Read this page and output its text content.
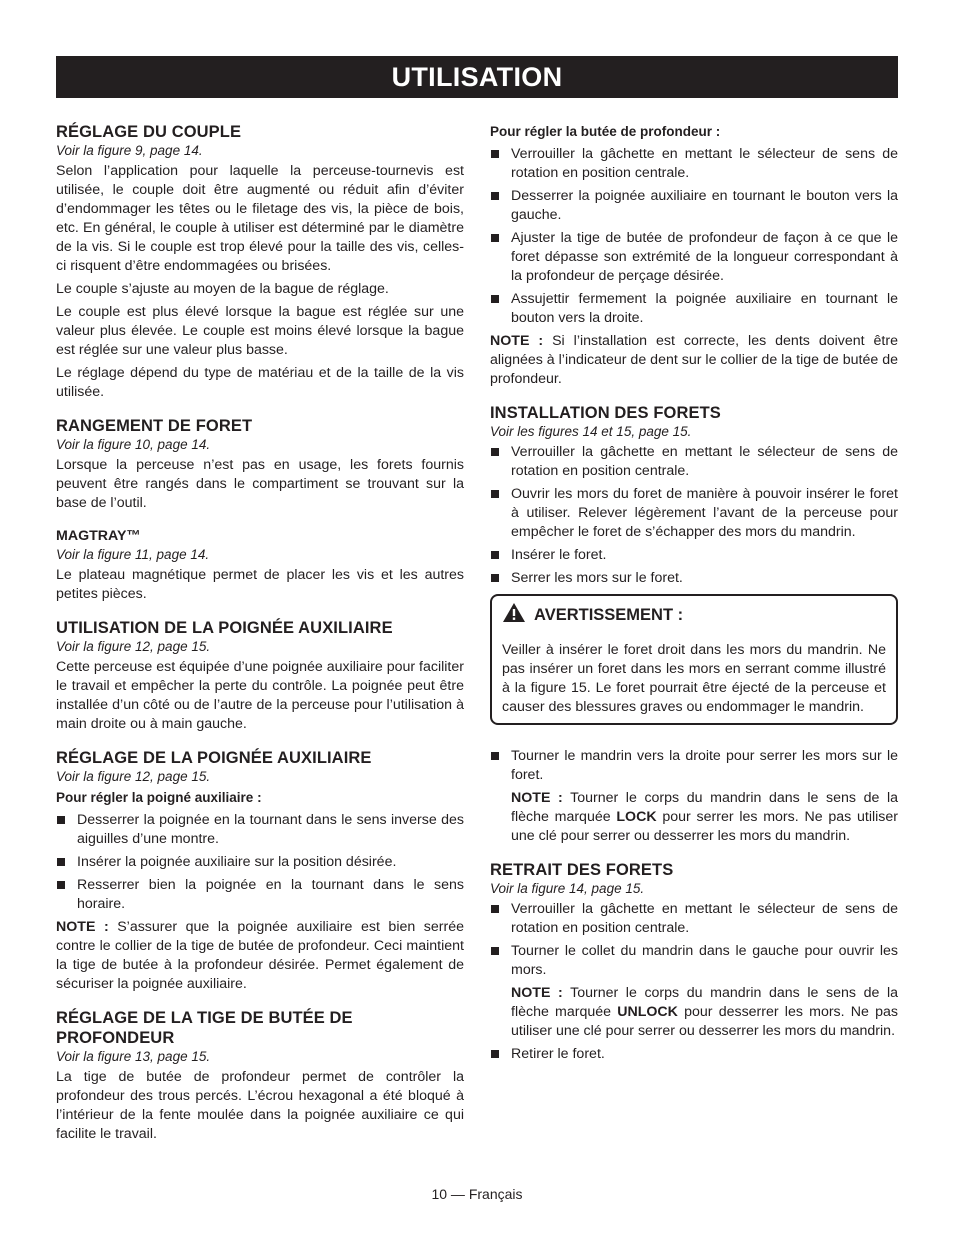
UTILISATION
RÉGLAGE DU COUPLE
Voir la figure 9, page 14.

Selon l’application pour laquelle la perceuse-tournevis est utilisée, le couple doit être augmenté ou réduit afin d’éviter d’endommager les têtes ou le filetage des vis, la pièce de bois, etc. En général, le couple à utiliser est déterminé par le diamètre de la vis. Si le couple est trop élevé pour la taille des vis, celles-ci risquent d’être endommagées ou brisées.

Le couple s’ajuste au moyen de la bague de réglage.

Le couple est plus élevé lorsque la bague est réglée sur une valeur plus élevée. Le couple est moins élevé lorsque la bague est réglée sur une valeur plus basse.

Le réglage dépend du type de matériau et de la taille de la vis utilisée.

RANGEMENT DE FORET
Voir la figure 10, page 14.

Lorsque la perceuse n’est pas en usage, les forets fournis peuvent être rangés dans le compartiment se trouvant sur la base de l’outil.

MAGTRAY™
Voir la figure 11, page 14.

Le plateau magnétique permet de placer les vis et les autres petites pièces.

UTILISATION DE LA POIGNÉE AUXILIAIRE
Voir la figure 12, page 15.

Cette perceuse est équipée d’une poignée auxiliaire pour faciliter le travail et empêcher la perte du contrôle. La poignée peut être installée d’un côté ou de l’autre de la perceuse pour l’utilisation à main droite ou à main gauche.

RÉGLAGE DE LA POIGNÉE AUXILIAIRE
Voir la figure 12, page 15.
Pour régler la poigné auxiliaire :
Desserrer la poignée en la tournant dans le sens inverse des aiguilles d’une montre.
Insérer la poignée auxiliaire sur la position désirée.
Resserrer bien la poignée en la tournant dans le sens horaire.
NOTE : S’assurer que la poignée auxiliaire est bien serrée contre le collier de la tige de butée de profondeur. Ceci maintient la tige de butée à la profondeur désirée. Permet également de sécuriser la poignée auxiliaire.
RÉGLAGE DE LA TIGE DE BUTÉE DE
PROFONDEUR
Voir la figure 13, page 15.

La tige de butée de profondeur permet de contrôler la profondeur des trous percés. L’écrou hexagonal a été bloqué à l’intérieur de la fente moulée dans la poignée auxiliaire ce qui facilite le travail.

Pour régler la butée de profondeur :
Verrouiller la gâchette en mettant le sélecteur de sens de rotation en position centrale.
Desserrer la poignée auxiliaire en tournant le bouton vers la gauche.
Ajuster la tige de butée de profondeur de façon à ce que le foret dépasse son extrémité de la longueur correspondant à la profondeur de perçage désirée.
Assujettir fermement la poignée auxiliaire en tournant le bouton vers la droite.
NOTE : Si l’installation est correcte, les dents doivent être alignées à l’indicateur de dent sur le collier de la tige de butée de profondeur.
INSTALLATION DES FORETS
Voir les figures 14 et 15, page 15.
Verrouiller la gâchette en mettant le sélecteur de sens de rotation en position centrale.
Ouvrir les mors du foret de manière à pouvoir insérer le foret à utiliser. Relever légèrement l’avant de la perceuse pour empêcher le foret de s’échapper des mors du mandrin.
Insérer le foret.
Serrer les mors sur le foret.
AVERTISSEMENT :

Veiller à insérer le foret droit dans les mors du mandrin. Ne pas insérer un foret dans les mors en serrant comme illustré à la figure 15. Le foret pourrait être éjecté de la perceuse et causer des blessures graves ou endommager le mandrin.

Tourner le mandrin vers la droite pour serrer les mors sur le foret.
NOTE : Tourner le corps du mandrin dans le sens de la flèche marquée LOCK pour serrer les mors. Ne pas utiliser une clé pour serrer ou desserrer les mors du mandrin.
RETRAIT DES FORETS
Voir la figure 14, page 15.
Verrouiller la gâchette en mettant le sélecteur de sens de rotation en position centrale.
Tourner le collet du mandrin dans le gauche pour ouvrir les mors.
NOTE : Tourner le corps du mandrin dans le sens de la flèche marquée UNLOCK pour desserrer les mors. Ne pas utiliser une clé pour serrer ou desserrer les mors du mandrin.
Retirer le foret.
10 — Français
